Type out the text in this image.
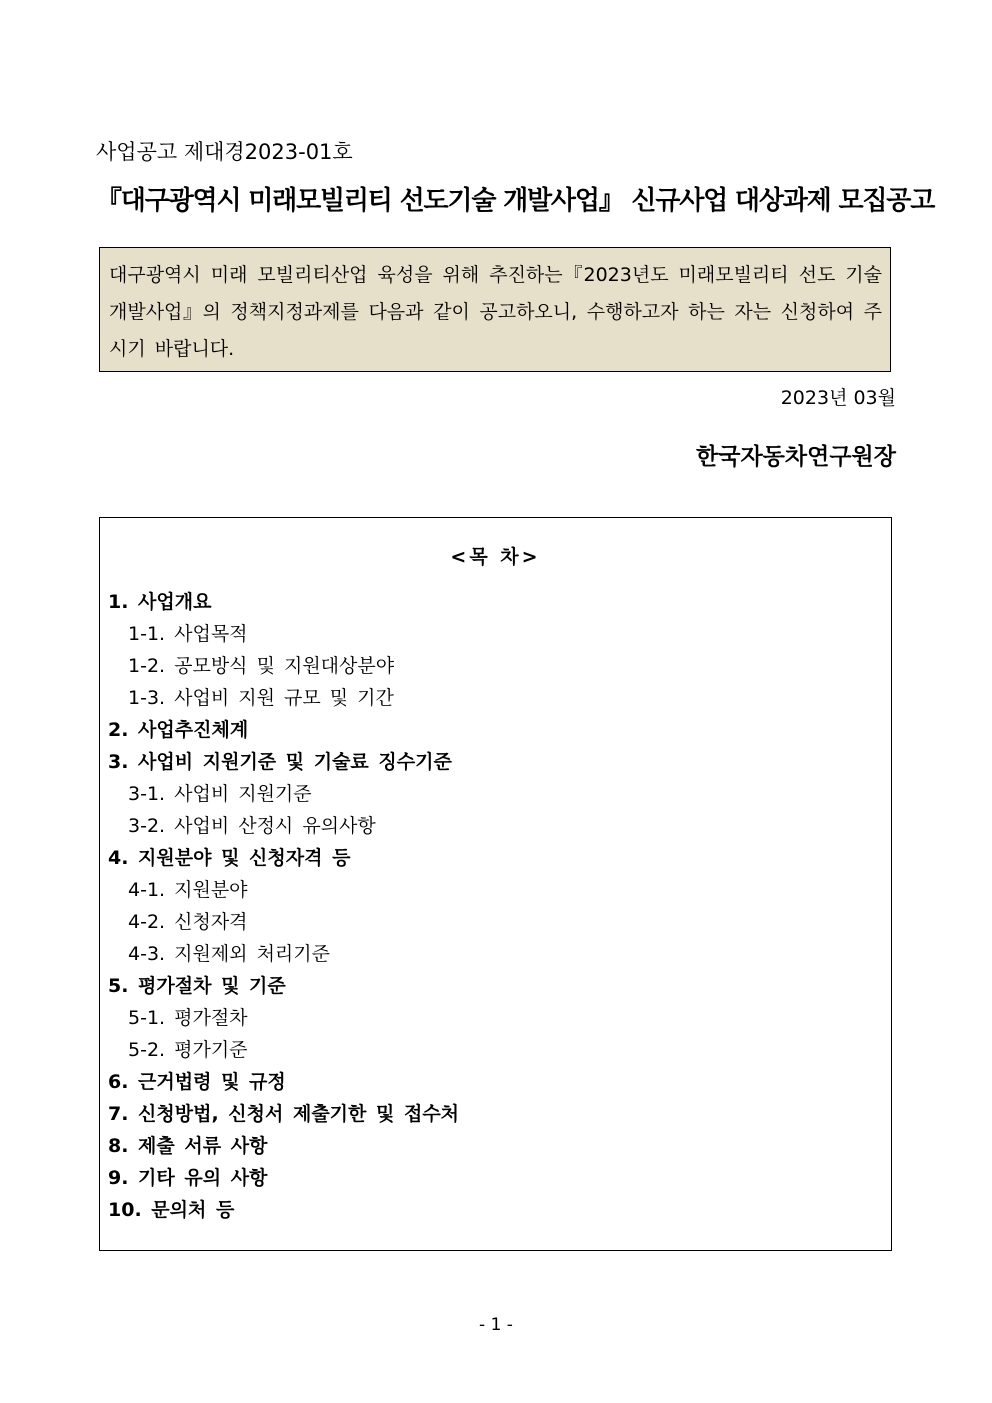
사업공고 제대경2023-01호
『대구광역시 미래모빌리티 선도기술 개발사업』 신규사업 대상과제 모집공고
대구광역시 미래 모빌리티산업 육성을 위해 추진하는『2023년도 미래모빌리티 선도 기술 개발사업』의 정책지정과제를 다음과 같이 공고하오니, 수행하고자 하는 자는 신청하여 주시기 바랍니다.
2023년 03월
한국자동차연구원장
<목 차>
1. 사업개요
1-1. 사업목적
1-2. 공모방식 및 지원대상분야
1-3. 사업비 지원 규모 및 기간
2. 사업추진체계
3. 사업비 지원기준 및 기술료 징수기준
3-1. 사업비 지원기준
3-2. 사업비 산정시 유의사항
4. 지원분야 및 신청자격 등
4-1. 지원분야
4-2. 신청자격
4-3. 지원제외 처리기준
5. 평가절차 및 기준
5-1. 평가절차
5-2. 평가기준
6. 근거법령 및 규정
7. 신청방법, 신청서 제출기한 및 접수처
8. 제출 서류 사항
9. 기타 유의 사항
10. 문의처 등
- 1 -
